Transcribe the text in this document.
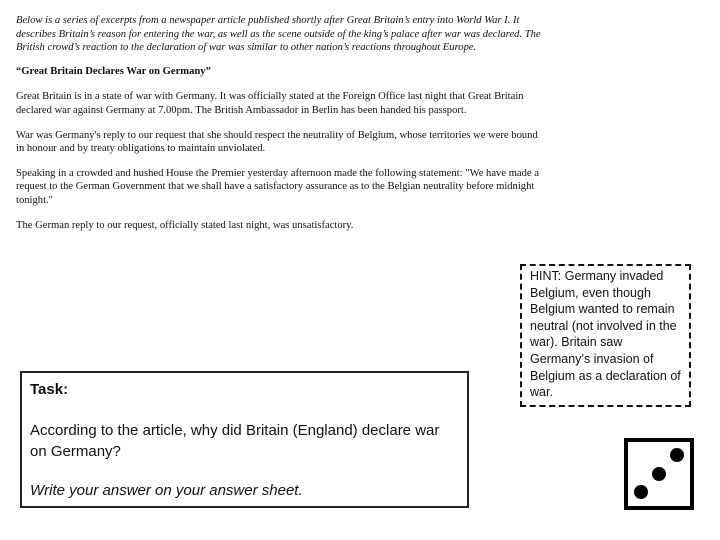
Below is a series of excerpts from a newspaper article published shortly after Great Britain’s entry into World War I. It describes Britain’s reason for entering the war, as well as the scene outside of the king’s palace after war was declared. The British crowd’s reaction to the declaration of war was similar to other nation’s reactions throughout Europe.

“Great Britain Declares War on Germany”

Great Britain is in a state of war with Germany. It was officially stated at the Foreign Office last night that Great Britain declared war against Germany at 7.00pm. The British Ambassador in Berlin has been handed his passport.

War was Germany's reply to our request that she should respect the neutrality of Belgium, whose territories we were bound in honour and by treaty obligations to maintain unviolated.

Speaking in a crowded and hushed House the Premier yesterday afternoon made the following statement: "We have made a request to the German Government that we shall have a satisfactory assurance as to the Belgian neutrality before midnight tonight."

The German reply to our request, officially stated last night, was unsatisfactory.

Task:

According to the article, why did Britain (England) declare war on Germany?

Write your answer on your answer sheet.

HINT: Germany invaded Belgium, even though Belgium wanted to remain neutral (not involved in the war). Britain saw Germany’s invasion of Belgium as a declaration of war.
